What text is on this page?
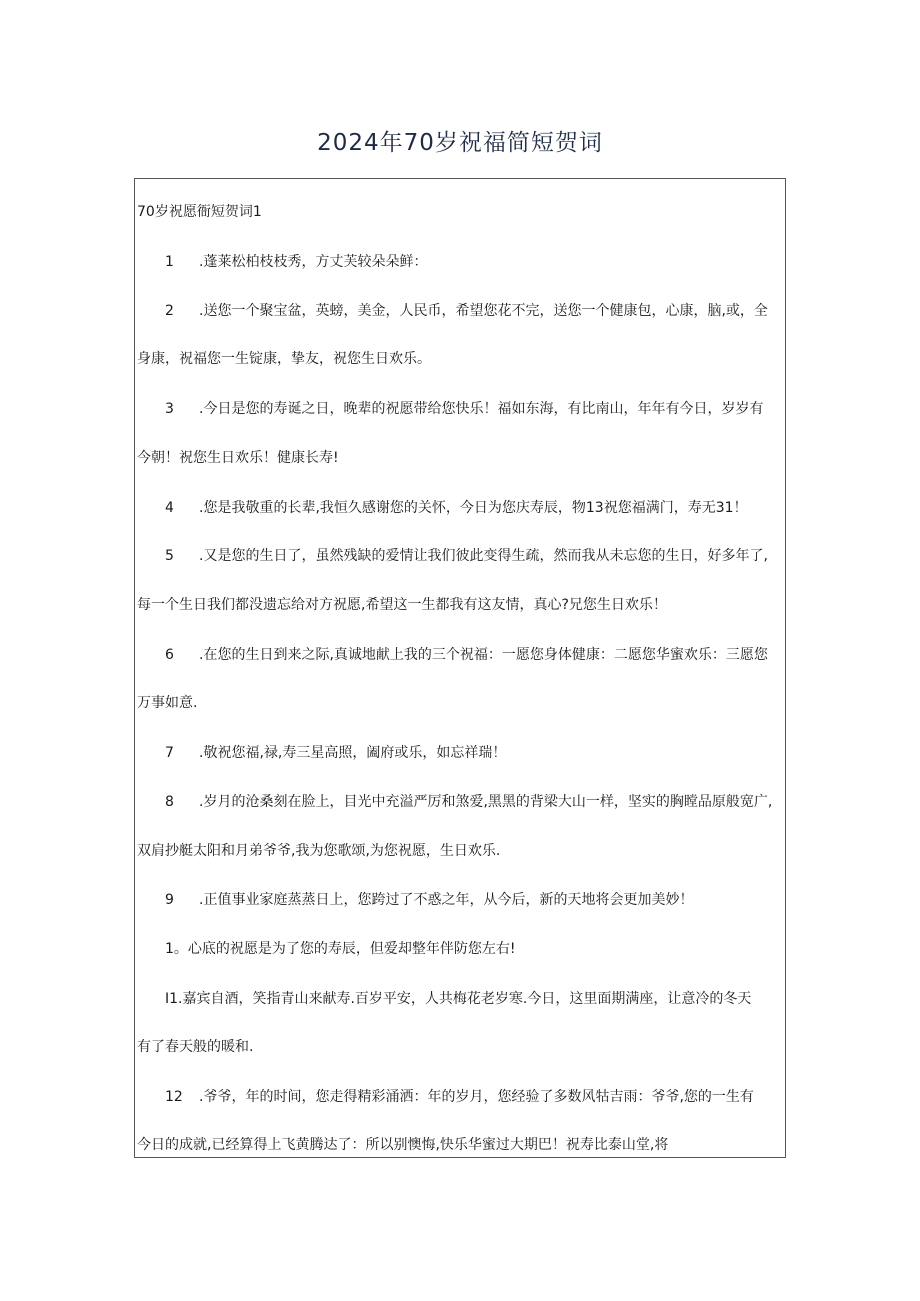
2024年70岁祝福简短贺词
70岁祝愿衙短贺词1
1 .蓬莱松柏枝枝秀，方丈芙较朵朵鲜：
2 .送您一个聚宝盆，英螃，美金，人民币，希望您花不完，送您一个健康包，心康，脑,或，全
身康，祝福您一生锭康，挚友，祝您生日欢乐。
3 .今日是您的寿诞之日，晚辈的祝愿带给您快乐！福如东海，有比南山，年年有今日，岁岁有
今朝！祝您生日欢乐！健康长寿!
4 .您是我敬重的长辈,我恒久感谢您的关怀，今日为您庆寿辰，物13祝您福满门，寿无31！
5 .又是您的生日了，虽然残缺的爱情让我们彼此变得生疏，然而我从未忘您的生日，好多年了,
每一个生日我们都没遗忘给对方祝愿,希望这一生都我有这友情，真心?兄您生日欢乐！
6 .在您的生日到来之际,真诚地献上我的三个祝福：一愿您身体健康：二愿您华蜜欢乐：三愿您
万事如意.
7 .敬祝您福,禄,寿三星高照，阖府或乐，如忘祥瑞！
8 .岁月的沧桑刻在脸上，目光中充溢严厉和煞爱,黑黑的背梁大山一样，坚实的胸瞠品原般宽广,
双肩抄艇太阳和月弟爷爷,我为您歌颂,为您祝愿，生日欢乐.
9 .正值事业家庭蒸蒸日上，您跨过了不惑之年，从今后，新的天地将会更加美妙！
1。心底的祝愿是为了您的寿辰，但爱却整年伴防您左右!
I1.嘉宾自酒，笑指青山来献寿.百岁平安，人共梅花老岁寒.今日，这里面期满座，让意冷的冬天
有了春天般的暖和.
12 .爷爷，年的时间，您走得精彩涌洒：年的岁月，您经验了多数风牯吉雨：爷爷,您的一生有
今日的成就,已经算得上飞黄腾达了：所以别懊悔,快乐华蜜过大期巴！祝寿比泰山堂,将
